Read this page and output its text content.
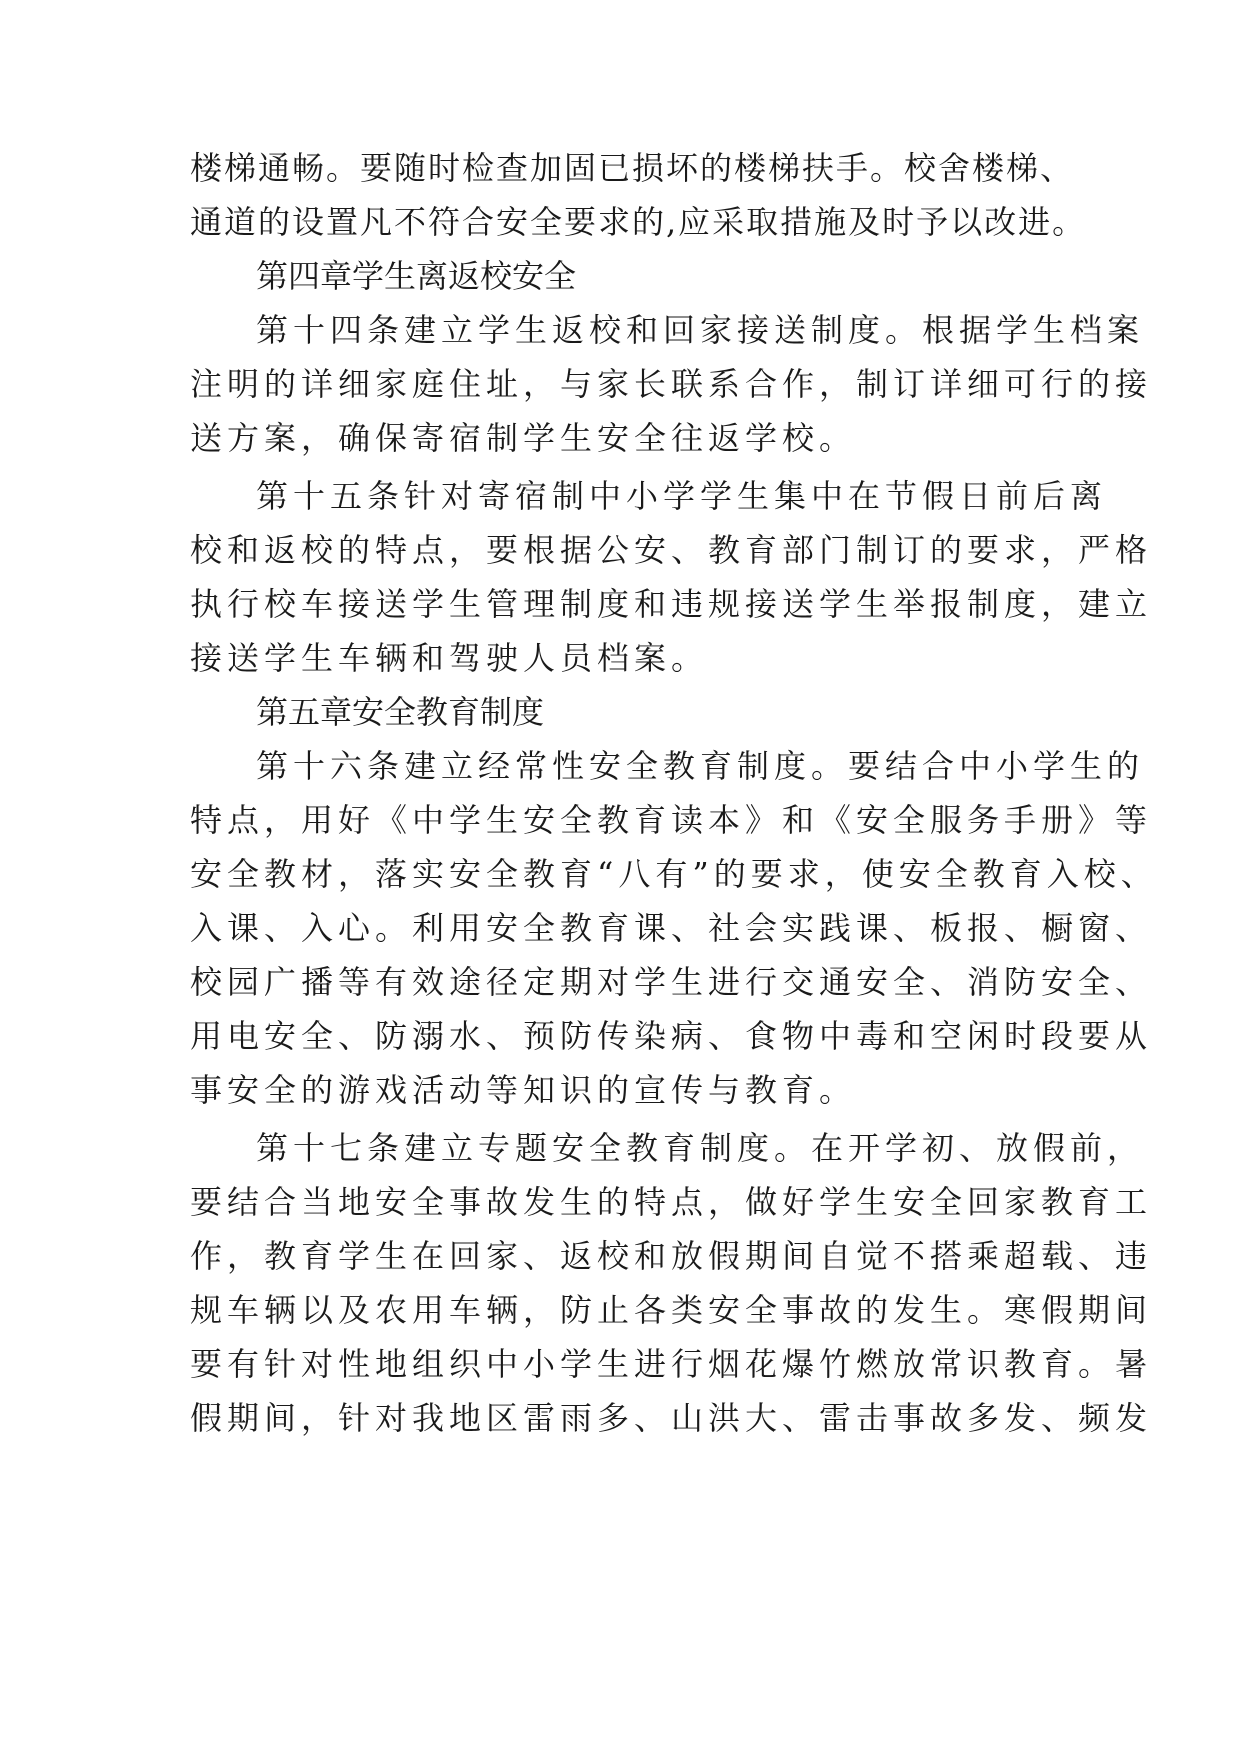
楼梯通畅。要随时检查加固已损坏的楼梯扶手。校舍楼梯、
通道的设置凡不符合安全要求的,应采取措施及时予以改进。
第四章学生离返校安全
第十四条建立学生返校和回家接送制度。根据学生档案
注明的详细家庭住址，与家长联系合作，制订详细可行的接
送方案，确保寄宿制学生安全往返学校。
第十五条针对寄宿制中小学学生集中在节假日前后离
校和返校的特点，要根据公安、教育部门制订的要求，严格
执行校车接送学生管理制度和违规接送学生举报制度，建立
接送学生车辆和驾驶人员档案。
第五章安全教育制度
第十六条建立经常性安全教育制度。要结合中小学生的
特点，用好《中学生安全教育读本》和《安全服务手册》等
安全教材，落实安全教育“八有”的要求，使安全教育入校、
入课、入心。利用安全教育课、社会实践课、板报、橱窗、
校园广播等有效途径定期对学生进行交通安全、消防安全、
用电安全、防溺水、预防传染病、食物中毒和空闲时段要从
事安全的游戏活动等知识的宣传与教育。
第十七条建立专题安全教育制度。在开学初、放假前，
要结合当地安全事故发生的特点，做好学生安全回家教育工
作，教育学生在回家、返校和放假期间自觉不搭乘超载、违
规车辆以及农用车辆，防止各类安全事故的发生。寒假期间
要有针对性地组织中小学生进行烟花爆竹燃放常识教育。暑
假期间，针对我地区雷雨多、山洪大、雷击事故多发、频发
